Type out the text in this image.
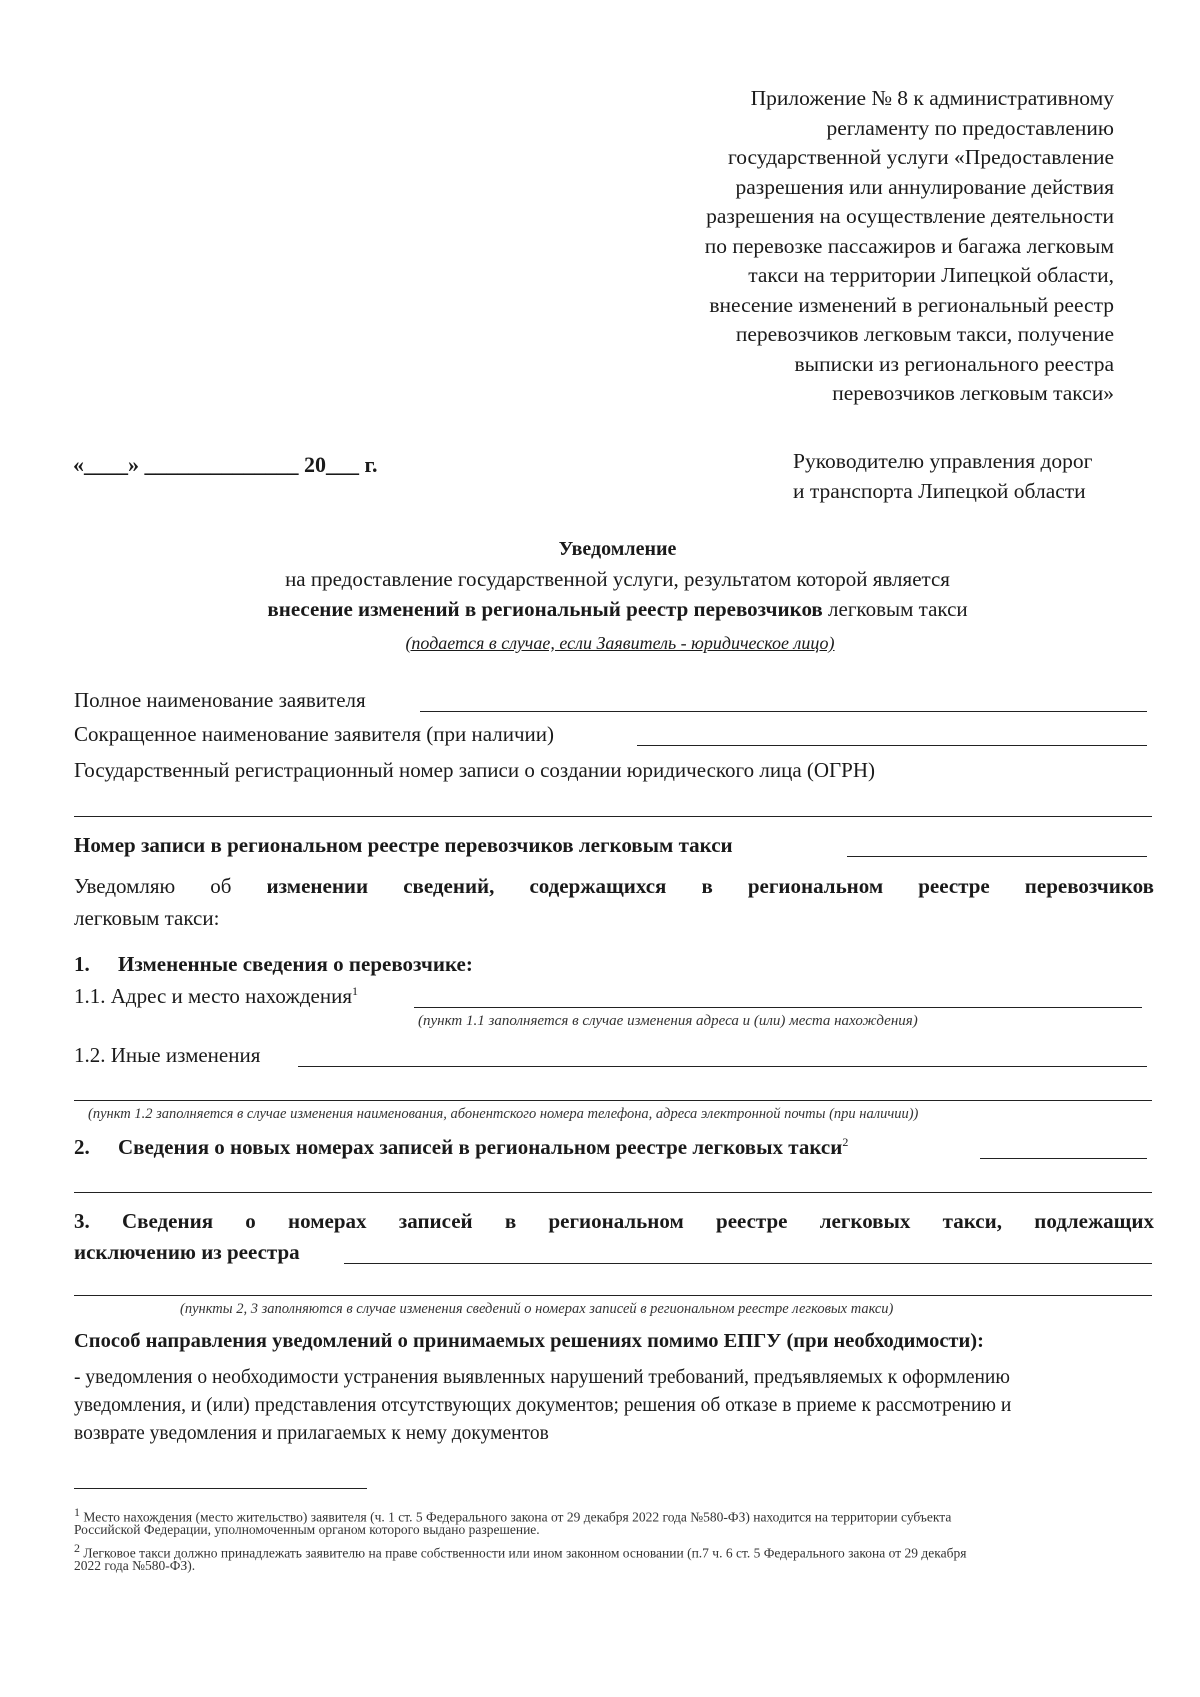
Приложение № 8 к административному
регламенту по предоставлению
государственной услуги «Предоставление
разрешения или аннулирование действия
разрешения на осуществление деятельности
по перевозке пассажиров и багажа легковым
такси на территории Липецкой области,
внесение изменений в региональный реестр
перевозчиков легковым такси, получение
выписки из регионального реестра
перевозчиков легковым такси»
«____» ______________ 20___ г.	Руководителю управления дорог
и транспорта Липецкой области
Уведомление
на предоставление государственной услуги, результатом которой является
внесение изменений в региональный реестр перевозчиков легковым такси
(подается в случае, если Заявитель - юридическое лицо)
Полное наименование заявителя
Сокращенное наименование заявителя (при наличии)
Государственный регистрационный номер записи о создании юридического лица (ОГРН)
Номер записи в региональном реестре перевозчиков легковым такси
Уведомляю об изменении сведений, содержащихся в региональном реестре перевозчиков
легковым такси:
1. Измененные сведения о перевозчике:
1.1. Адрес и место нахождения$^1$
(пункт 1.1 заполняется в случае изменения адреса и (или) места нахождения)
1.2. Иные изменения
(пункт 1.2 заполняется в случае изменения наименования, абонентского номера телефона, адреса электронной почты (при наличии))
2. Сведения о новых номерах записей в региональном реестре легковых такси$^2$
3. Сведения о номерах записей в региональном реестре легковых такси, подлежащих
исключению из реестра
(пункты 2, 3 заполняются в случае изменения сведений о номерах записей в региональном реестре легковых такси)
Способ направления уведомлений о принимаемых решениях помимо ЕПГУ (при необходимости):
- уведомления о необходимости устранения выявленных нарушений требований, предъявляемых к оформлению
уведомления, и (или) представления отсутствующих документов; решения об отказе в приеме к рассмотрению и
возврате уведомления и прилагаемых к нему документов
$^1$ Место нахождения (место жительство) заявителя (ч. 1 ст. 5 Федерального закона от 29 декабря 2022 года №580-ФЗ) находится на территории субъекта
Российской Федерации, уполномоченным органом которого выдано разрешение.
$^2$ Легковое такси должно принадлежать заявителю на праве собственности или ином законном основании (п.7 ч. 6 ст. 5 Федерального закона от 29 декабря
2022 года №580-ФЗ).
